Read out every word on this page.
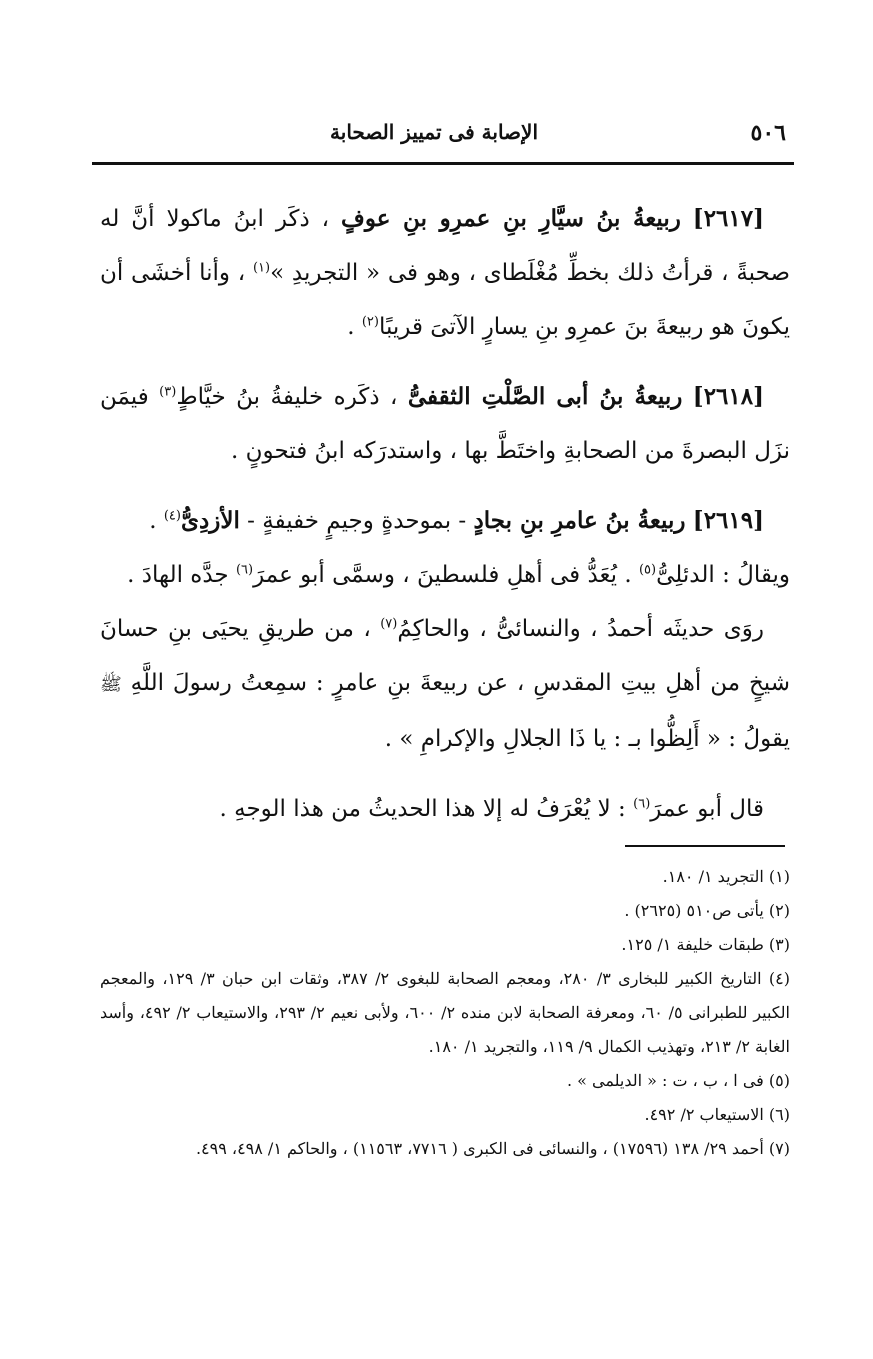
٥٠٦
الإصابة فى تمييز الصحابة

[٢٦١٧] ربيعةُ بنُ سيَّارِ بنِ عمرِو بنِ عوفٍ ، ذكَر ابنُ ماكولا أنَّ له صحبةً ، قرأتُ ذلك بخطِّ مُغْلَطاى ، وهو فى « التجريدِ »$^{(١)}$ ، وأنا أخشَى أن يكونَ هو ربيعةَ بنَ عمرِو بنِ يسارٍ الآتىَ قريبًا$^{(٢)}$ .

[٢٦١٨] ربيعةُ بنُ أبى الصَّلْتِ الثقفىُّ ، ذكَره خليفةُ بنُ خيَّاطٍ$^{(٣)}$ فيمَن نزَل البصرةَ من الصحابةِ واختَطَّ بها ، واستدرَكه ابنُ فتحونٍ .

[٢٦١٩] ربيعةُ بنُ عامرِ بنِ بجادٍ - بموحدةٍ وجيمٍ خفيفةٍ - الأزدِىُّ$^{(٤)}$ .
ويقالُ : الدئلِىُّ$^{(٥)}$ . يُعَدُّ فى أهلِ فلسطينَ ، وسمَّى أبو عمرَ$^{(٦)}$ جدَّه الهادَ .

روَى حديثَه أحمدُ ، والنسائىُّ ، والحاكِمُ$^{(٧)}$ ، من طريقِ يحيَى بنِ حسانَ شيخٍ من أهلِ بيتِ المقدسِ ، عن ربيعةَ بنِ عامرٍ : سمِعتُ رسولَ اللَّهِ ﷺ يقولُ : « أَلِظُّوا بـ : يا ذَا الجلالِ والإكرامِ » .

قال أبو عمرَ$^{(٦)}$ : لا يُعْرَفُ له إلا هذا الحديثُ من هذا الوجهِ .

(١) التجريد ١/ ١٨٠.

(٢) يأتى ص٥١٠ (٢٦٢٥) .

(٣) طبقات خليفة ١/ ١٢٥.

(٤) التاريخ الكبير للبخارى ٣/ ٢٨٠، ومعجم الصحابة للبغوى ٢/ ٣٨٧، وثقات ابن حبان ٣/ ١٢٩، والمعجم الكبير للطبرانى ٥/ ٦٠، ومعرفة الصحابة لابن منده ٢/ ٦٠٠، ولأبى نعيم ٢/ ٢٩٣، والاستيعاب ٢/ ٤٩٢، وأسد الغابة ٢/ ٢١٣، وتهذيب الكمال ٩/ ١١٩، والتجريد ١/ ١٨٠.

(٥) فى ا ، ب ، ت : « الديلمى » .

(٦) الاستيعاب ٢/ ٤٩٢.

(٧) أحمد ٢٩/ ١٣٨ (١٧٥٩٦) ، والنسائى فى الكبرى ( ٧٧١٦، ١١٥٦٣) ، والحاكم ١/ ٤٩٨، ٤٩٩.
